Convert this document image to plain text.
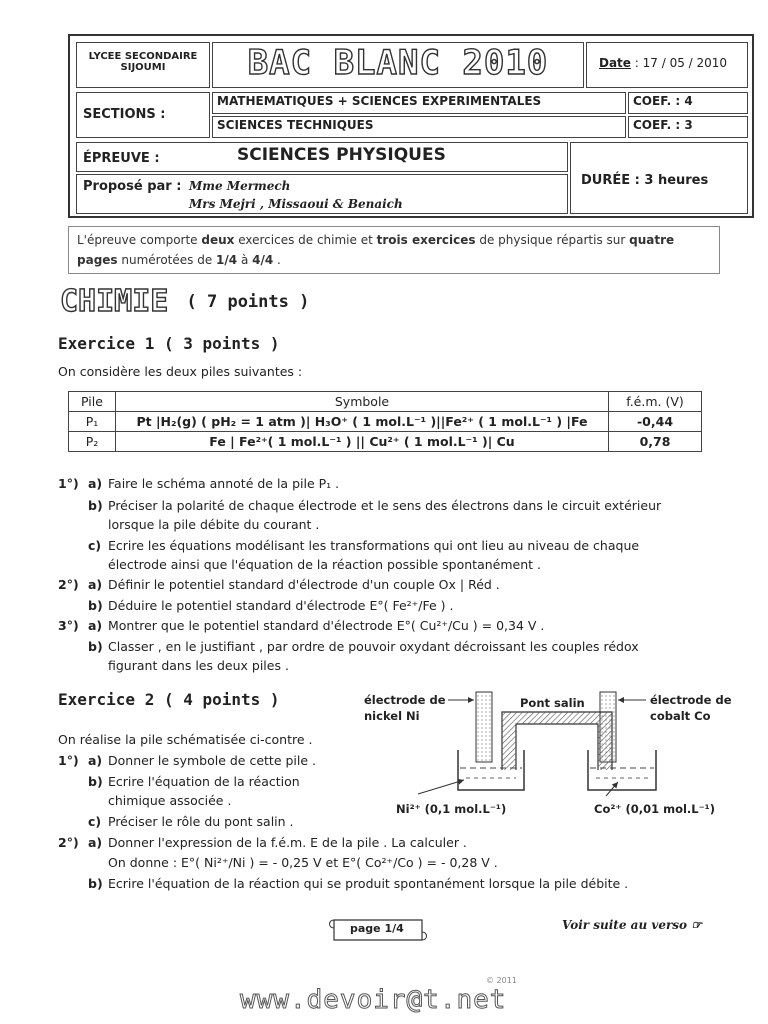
LYCEE SECONDAIRE
SIJOUMI	BAC BLANC 2010	Date : 17 / 05 / 2010
SECTIONS :
MATHEMATIQUES + SCIENCES EXPERIMENTALES	COEF. : 4
SCIENCES TECHNIQUES	COEF. : 3
ÉPREUVE :	SCIENCES PHYSIQUES
DURÉE : 3 heures
Proposé par : Mme Mermech
Mrs Mejri , Missaoui & Benaich
L'épreuve comporte deux exercices de chimie et trois exercices de physique répartis sur quatre
pages numérotées de 1/4 à 4/4 .
CHIMIE ( 7 points )
Exercice 1 ( 3 points )
On considère les deux piles suivantes :
Pile	Symbole	f.é.m. (V)
P₁	Pt |H₂(g) ( pH₂ = 1 atm )| H₃O⁺ ( 1 mol.L⁻¹ )||Fe²⁺ ( 1 mol.L⁻¹ ) |Fe	-0,44
P₂	Fe | Fe²⁺( 1 mol.L⁻¹ ) || Cu²⁺ ( 1 mol.L⁻¹ )| Cu	0,78
1°) a) Faire le schéma annoté de la pile P₁ .
b) Préciser la polarité de chaque électrode et le sens des électrons dans le circuit extérieur
lorsque la pile débite du courant .
c) Ecrire les équations modélisant les transformations qui ont lieu au niveau de chaque
électrode ainsi que l'équation de la réaction possible spontanément .
2°) a) Définir le potentiel standard d'électrode d'un couple Ox | Réd .
b) Déduire le potentiel standard d'électrode E°( Fe²⁺/Fe ) .
3°) a) Montrer que le potentiel standard d'électrode E°( Cu²⁺/Cu ) = 0,34 V .
b) Classer , en le justifiant , par ordre de pouvoir oxydant décroissant les couples rédox
figurant dans les deux piles .
Exercice 2 ( 4 points )
On réalise la pile schématisée ci-contre .
1°) a) Donner le symbole de cette pile .
b) Ecrire l'équation de la réaction
chimique associée .
c) Préciser le rôle du pont salin .
2°) a) Donner l'expression de la f.é.m. E de la pile . La calculer .
On donne : E°( Ni²⁺/Ni ) = - 0,25 V et E°( Co²⁺/Co ) = - 0,28 V .
b) Ecrire l'équation de la réaction qui se produit spontanément lorsque la pile débite .
électrode de
nickel Ni
Pont salin	électrode de
cobalt Co
Ni²⁺ (0,1 mol.L⁻¹)	Co²⁺ (0,01 mol.L⁻¹)
page 1/4	Voir suite au verso ☞
© 2011
www.devoir@t.net
